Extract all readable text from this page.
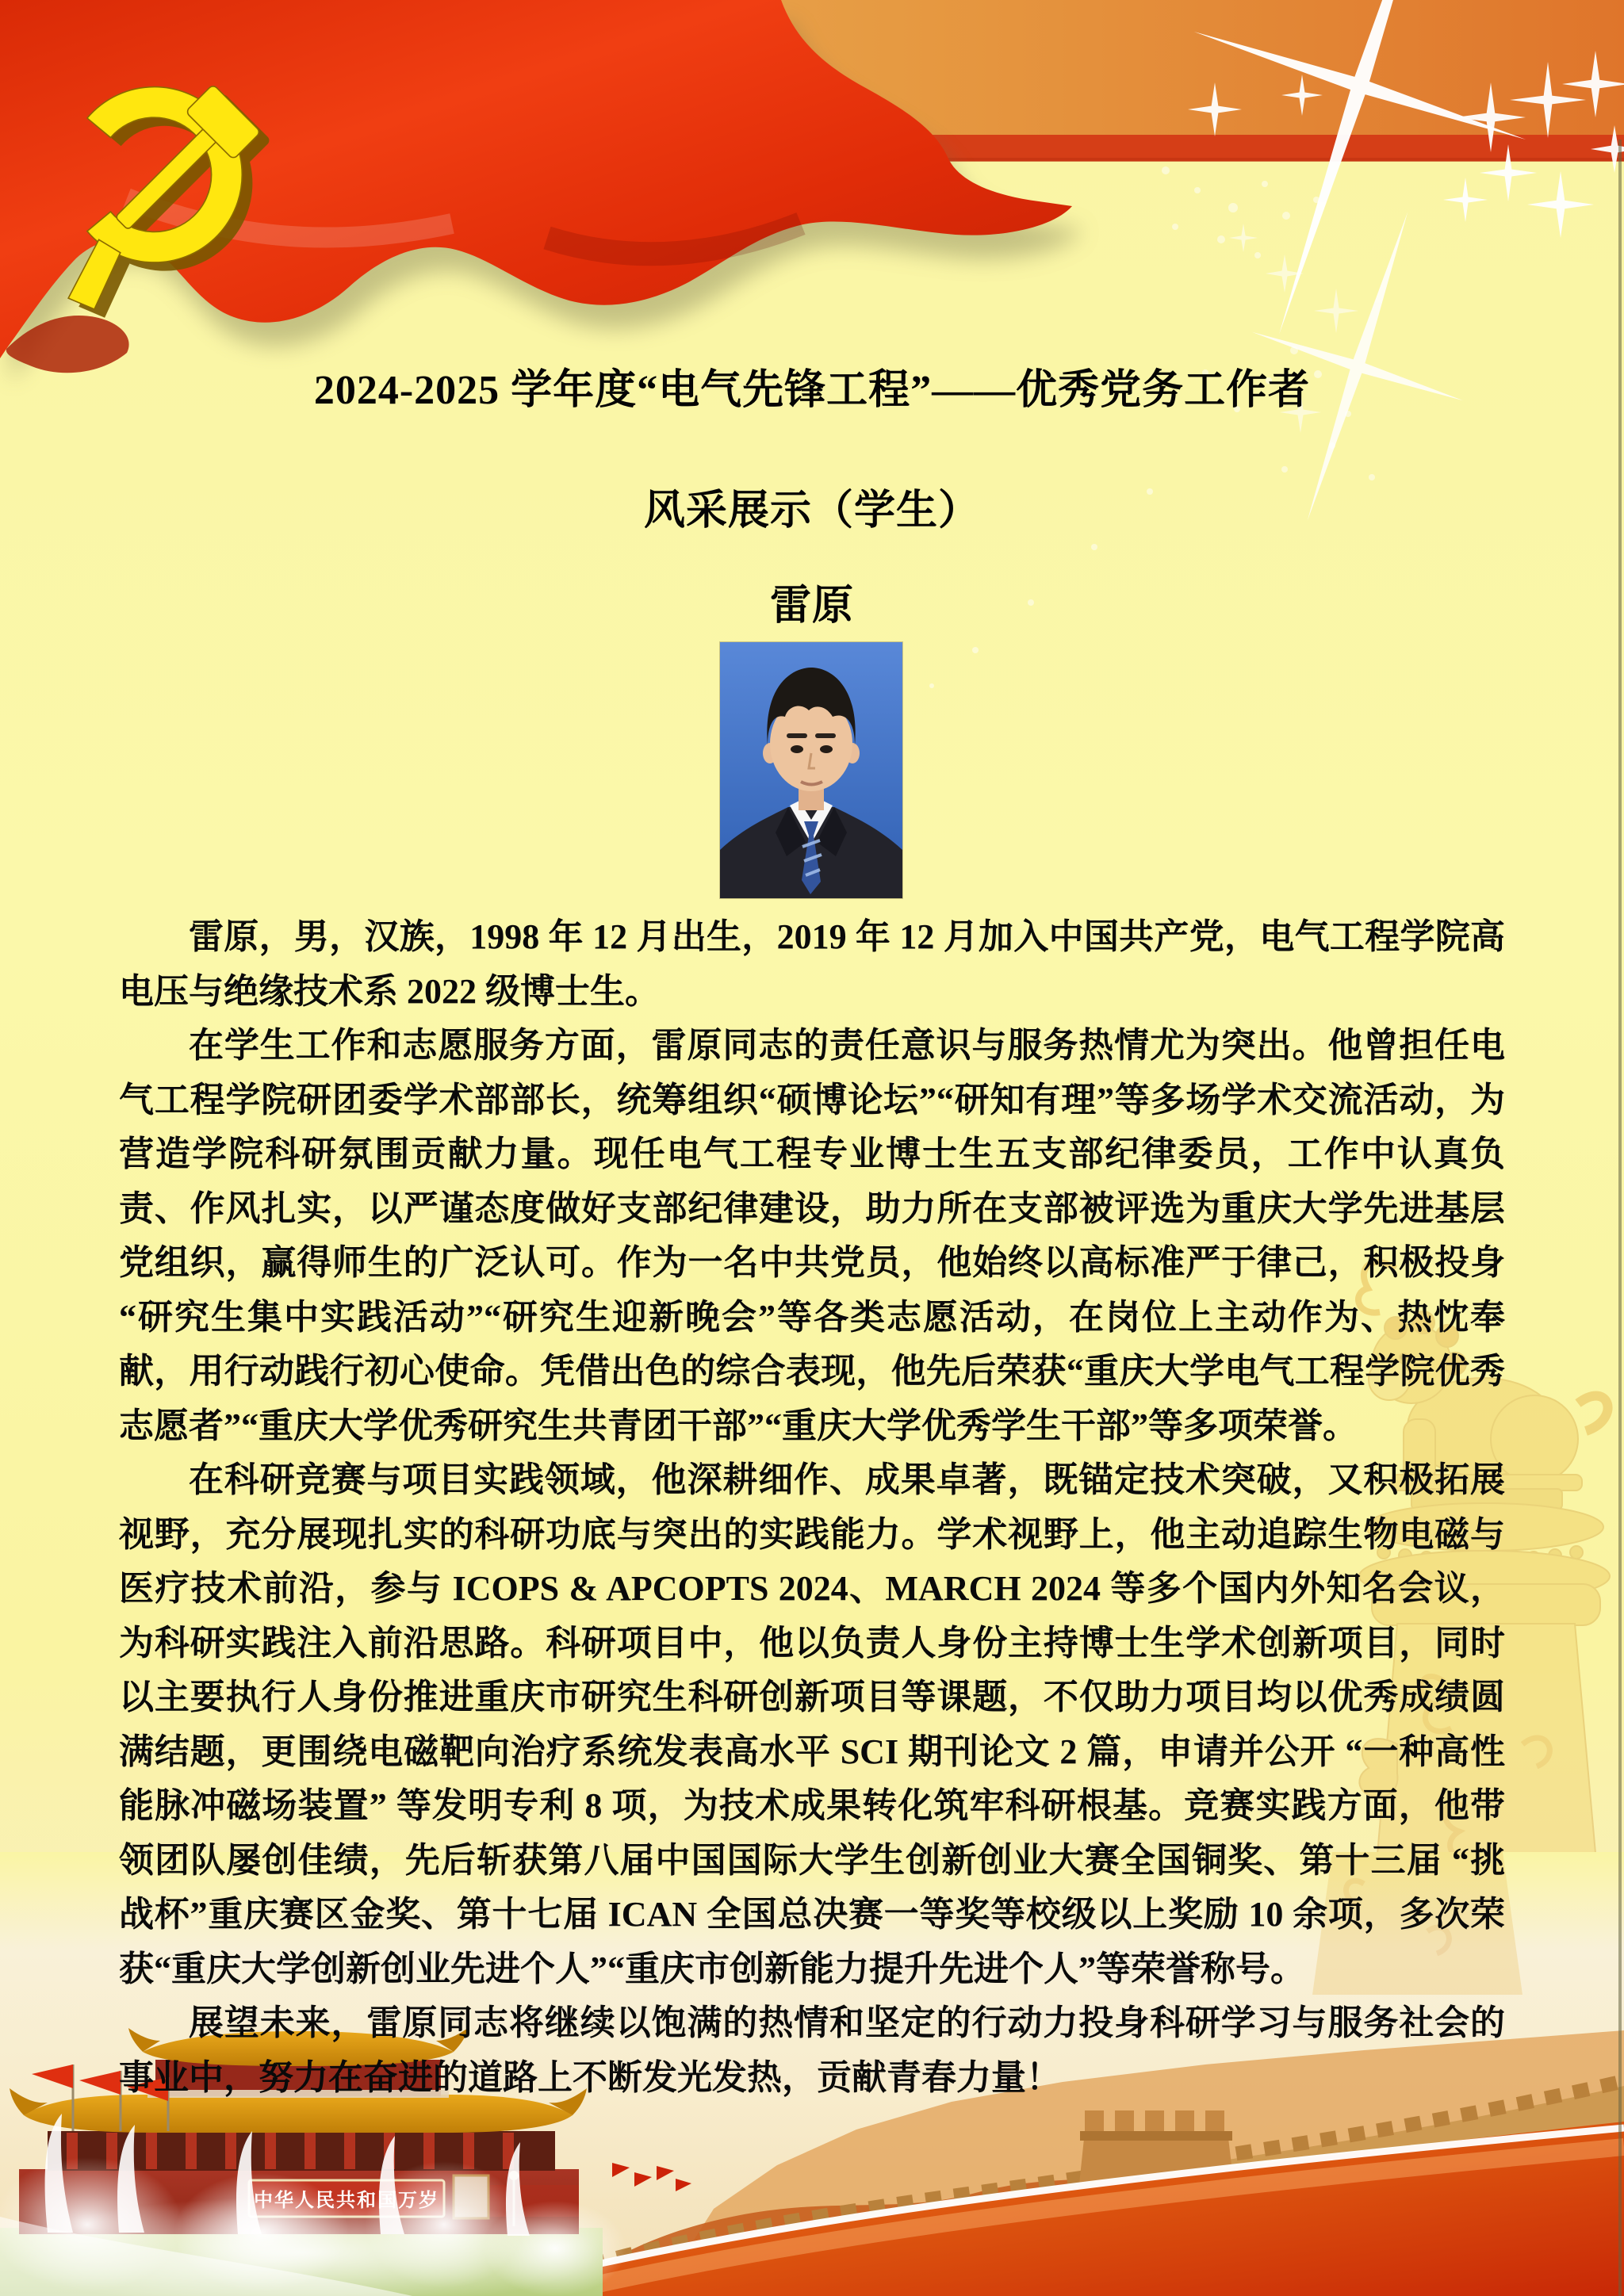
2024-2025 学年度“电气先锋工程”——优秀党务工作者
风采展示（学生）
雷原

雷原，男，汉族，1998 年 12 月出生，2019 年 12 月加入中国共产党，电气工程学院高电压与绝缘技术系 2022 级博士生。

在学生工作和志愿服务方面，雷原同志的责任意识与服务热情尤为突出。他曾担任电气工程学院研团委学术部部长，统筹组织“硕博论坛”“研知有理”等多场学术交流活动，为营造学院科研氛围贡献力量。现任电气工程专业博士生五支部纪律委员，工作中认真负责、作风扎实，以严谨态度做好支部纪律建设，助力所在支部被评选为重庆大学先进基层党组织，赢得师生的广泛认可。作为一名中共党员，他始终以高标准严于律己，积极投身 “研究生集中实践活动”“研究生迎新晚会”等各类志愿活动，在岗位上主动作为、热忱奉献，用行动践行初心使命。凭借出色的综合表现，他先后荣获“重庆大学电气工程学院优秀志愿者”“重庆大学优秀研究生共青团干部”“重庆大学优秀学生干部”等多项荣誉。

在科研竞赛与项目实践领域，他深耕细作、成果卓著，既锚定技术突破，又积极拓展视野，充分展现扎实的科研功底与突出的实践能力。学术视野上，他主动追踪生物电磁与医疗技术前沿，参与 ICOPS & APCOPTS 2024、MARCH 2024 等多个国内外知名会议，为科研实践注入前沿思路。科研项目中，他以负责人身份主持博士生学术创新项目，同时以主要执行人身份推进重庆市研究生科研创新项目等课题，不仅助力项目均以优秀成绩圆满结题，更围绕电磁靶向治疗系统发表高水平 SCI 期刊论文 2 篇，申请并公开 “一种高性能脉冲磁场装置” 等发明专利 8 项，为技术成果转化筑牢科研根基。竞赛实践方面，他带领团队屡创佳绩，先后斩获第八届中国国际大学生创新创业大赛全国铜奖、第十三届 “挑战杯”重庆赛区金奖、第十七届 ICAN 全国总决赛一等奖等校级以上奖励 10 余项，多次荣获“重庆大学创新创业先进个人”“重庆市创新能力提升先进个人”等荣誉称号。

展望未来，雷原同志将继续以饱满的热情和坚定的行动力投身科研学习与服务社会的事业中，努力在奋进的道路上不断发光发热，贡献青春力量！
